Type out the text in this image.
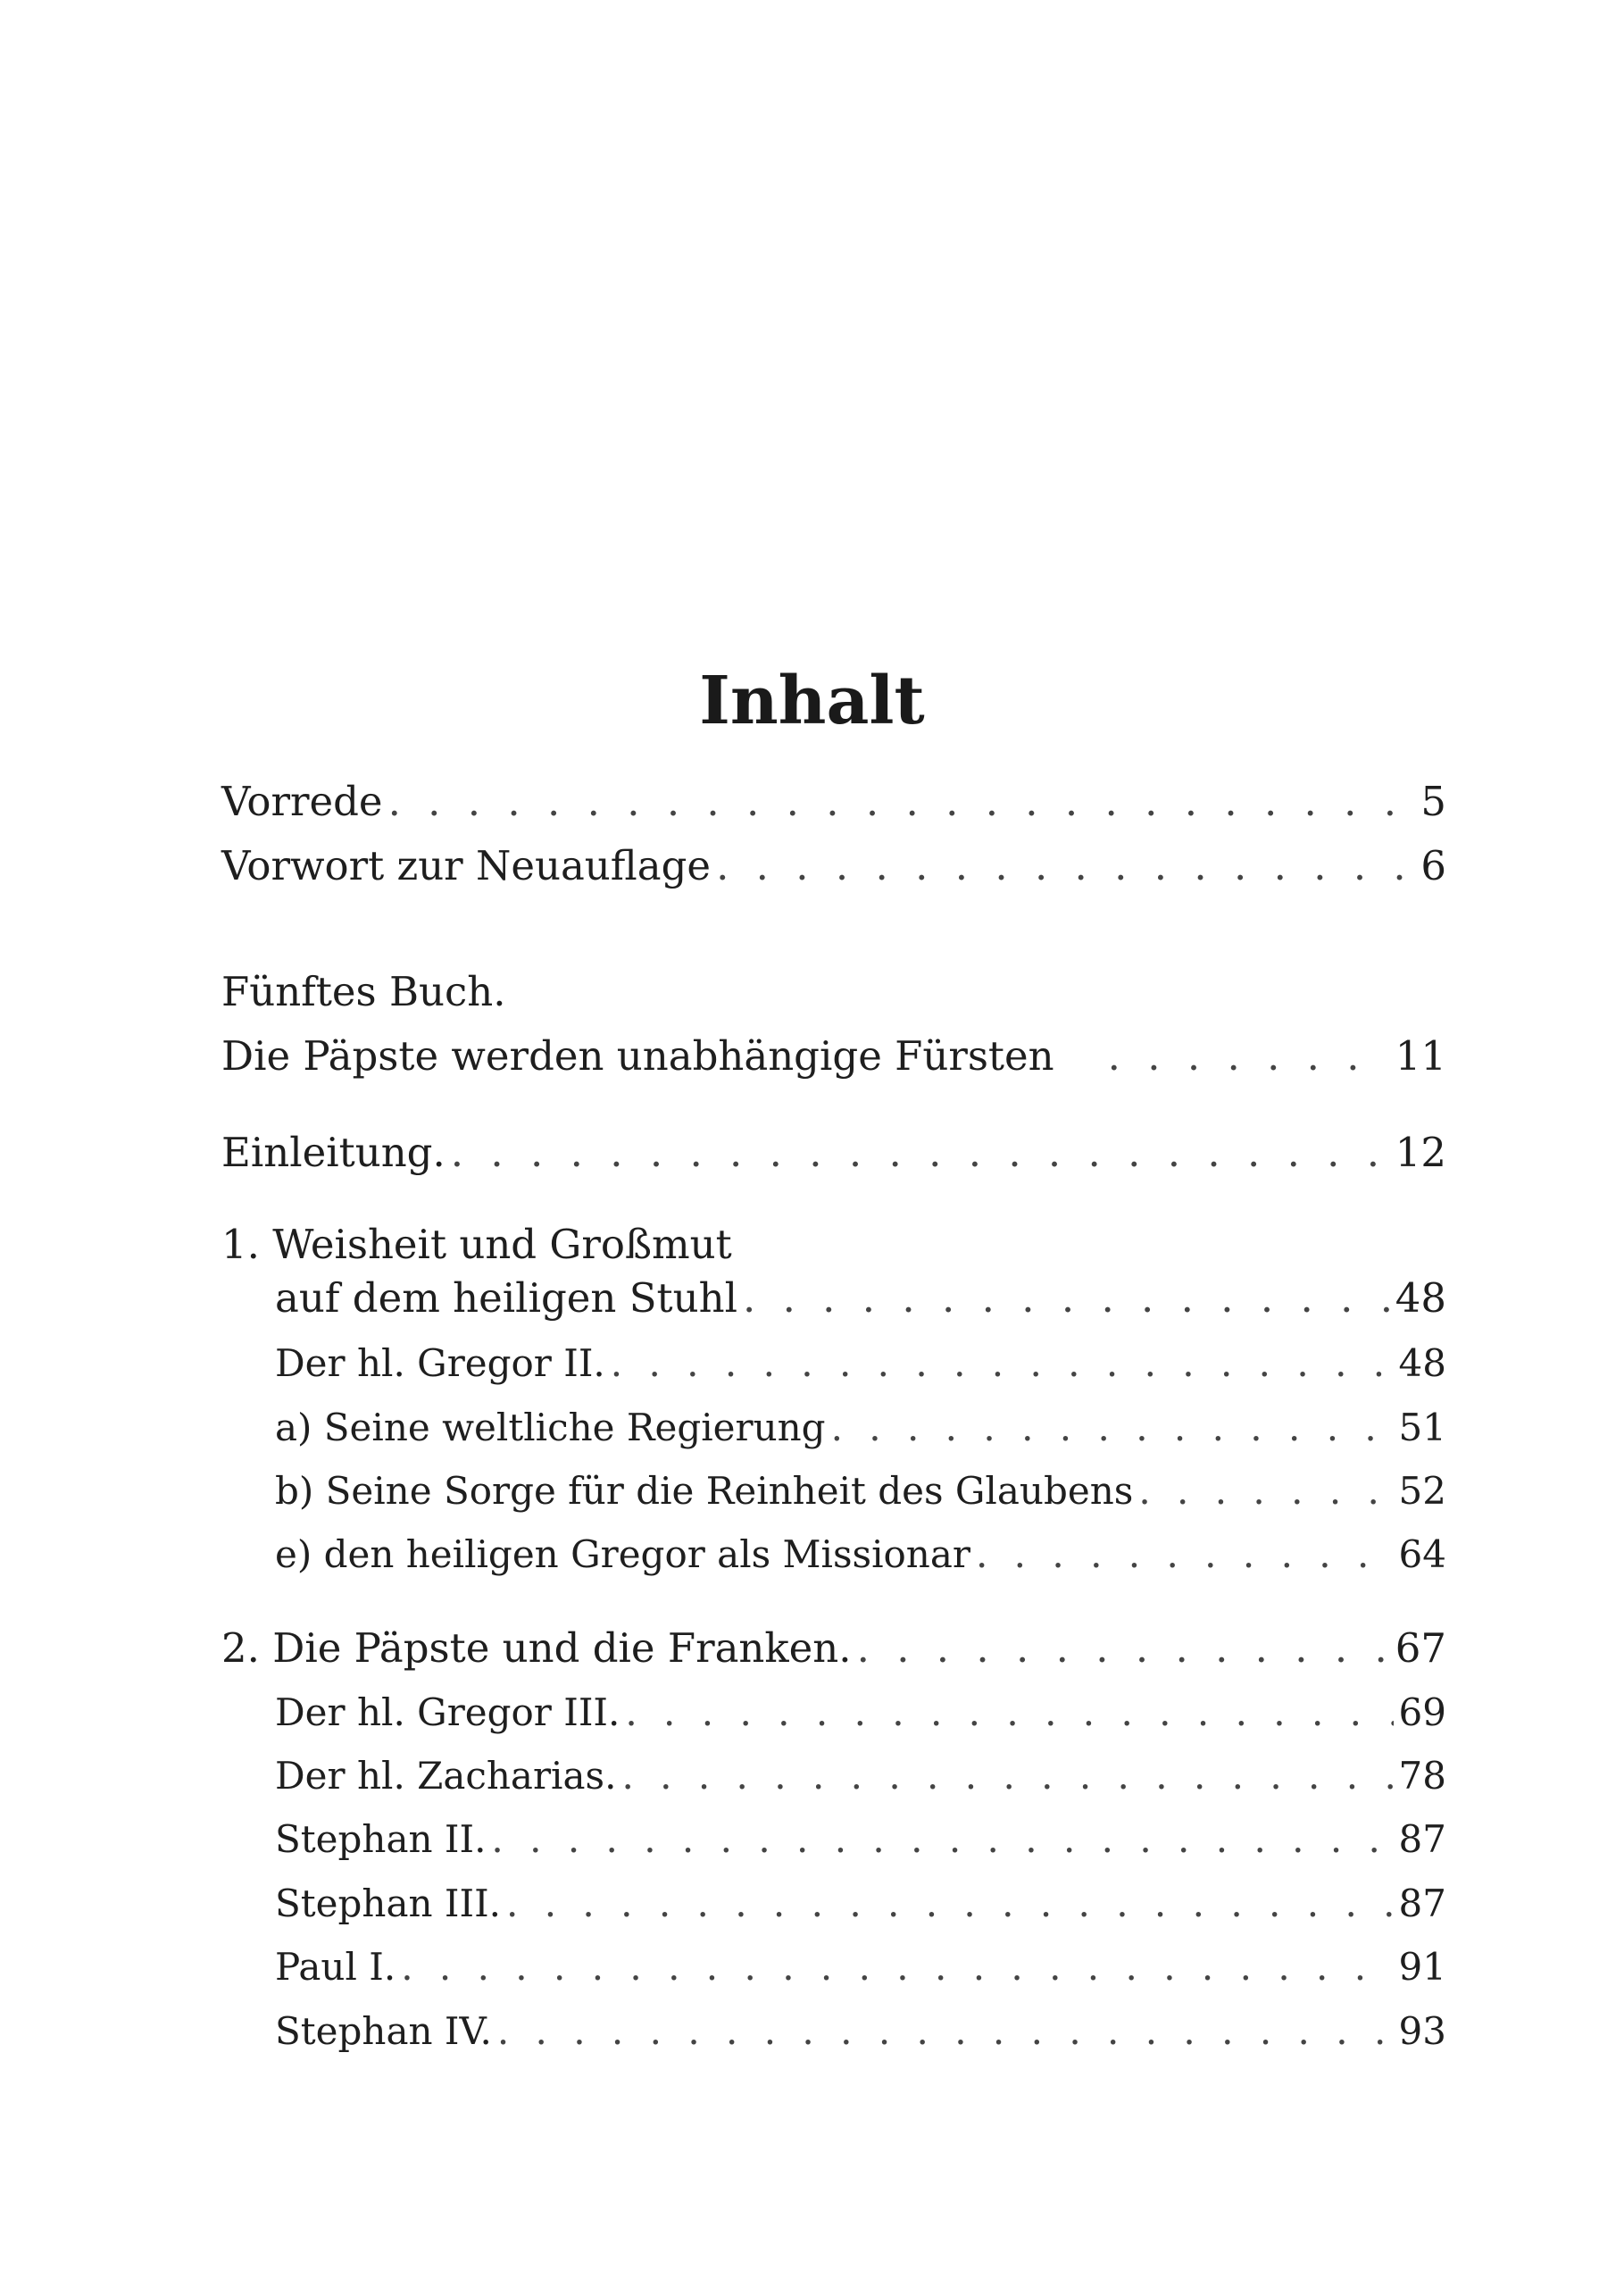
Inhalt
Vorrede . . .	5
Vorwort zur Neuauflage . . .	6
Fünftes Buch.
Die Päpste werden unabhängige Fürsten . . .	11
Einleitung. . . .	12
1. Weisheit und Großmut
auf dem heiligen Stuhl . . .	48
Der hl. Gregor II. . . .	48
a) Seine weltliche Regierung . . .	51
b) Seine Sorge für die Reinheit des Glaubens . . .	52
e) den heiligen Gregor als Missionar . . .	64
2. Die Päpste und die Franken. . . .	67
Der hl. Gregor III. . . .	69
Der hl. Zacharias. . . .	78
Stephan II. . . .	87
Stephan III. . . .	87
Paul I. . . .	91
Stephan IV. . . .	93
